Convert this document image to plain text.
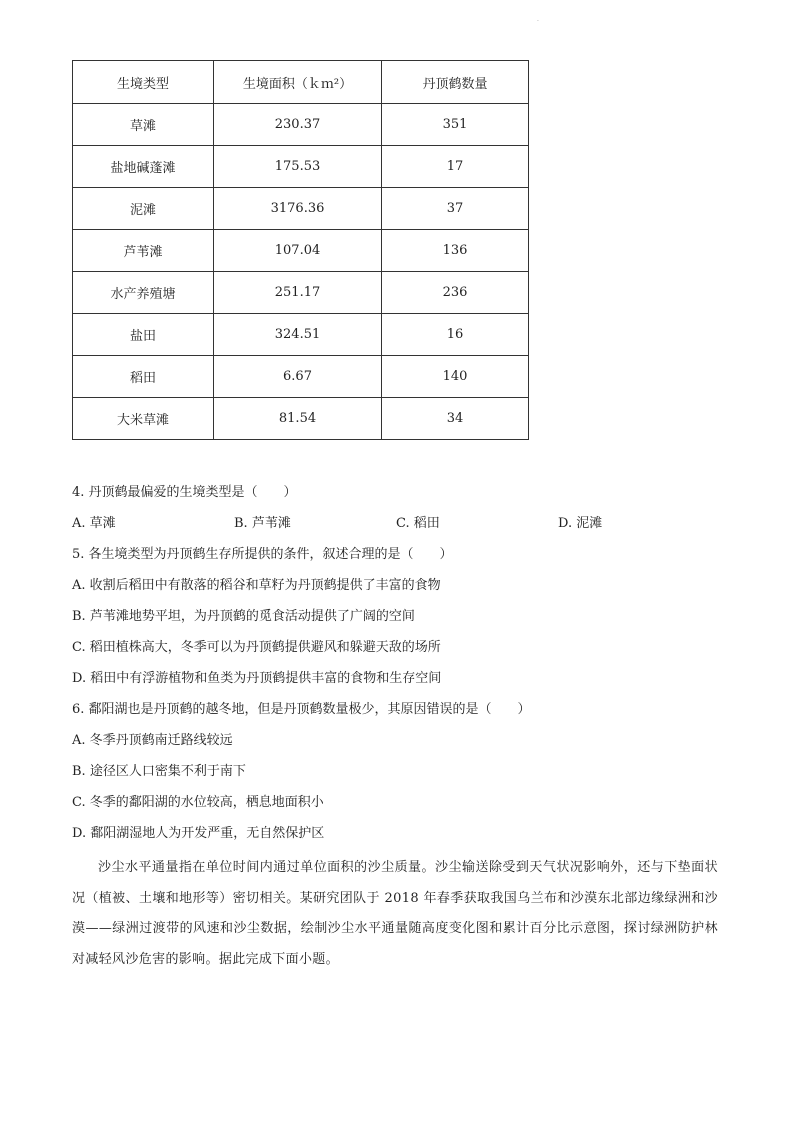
·
生境类型	生境面积（ｋｍ²）	丹顶鹤数量
草滩	230.37	351
盐地碱蓬滩	175.53	17
泥滩	3176.36	37
芦苇滩	107.04	136
水产养殖塘	251.17	236
盐田	324.51	16
稻田	6.67	140
大米草滩	81.54	34
4. 丹顶鹤最偏爱的生境类型是（　　）
A. 草滩	B. 芦苇滩	C. 稻田	D. 泥滩
5. 各生境类型为丹顶鹤生存所提供的条件，叙述合理的是（　　）
A. 收割后稻田中有散落的稻谷和草籽为丹顶鹤提供了丰富的食物
B. 芦苇滩地势平坦，为丹顶鹤的觅食活动提供了广阔的空间
C. 稻田植株高大，冬季可以为丹顶鹤提供避风和躲避天敌的场所
D. 稻田中有浮游植物和鱼类为丹顶鹤提供丰富的食物和生存空间
6. 鄱阳湖也是丹顶鹤的越冬地，但是丹顶鹤数量极少，其原因错误的是（　　）
A. 冬季丹顶鹤南迁路线较远
B. 途径区人口密集不利于南下
C. 冬季的鄱阳湖的水位较高，栖息地面积小
D. 鄱阳湖湿地人为开发严重，无自然保护区
沙尘水平通量指在单位时间内通过单位面积的沙尘质量。沙尘输送除受到天气状况影响外，还与下垫面状况（植被、土壤和地形等）密切相关。某研究团队于 2018 年春季获取我国乌兰布和沙漠东北部边缘绿洲和沙漠——绿洲过渡带的风速和沙尘数据，绘制沙尘水平通量随高度变化图和累计百分比示意图，探讨绿洲防护林对减轻风沙危害的影响。据此完成下面小题。
